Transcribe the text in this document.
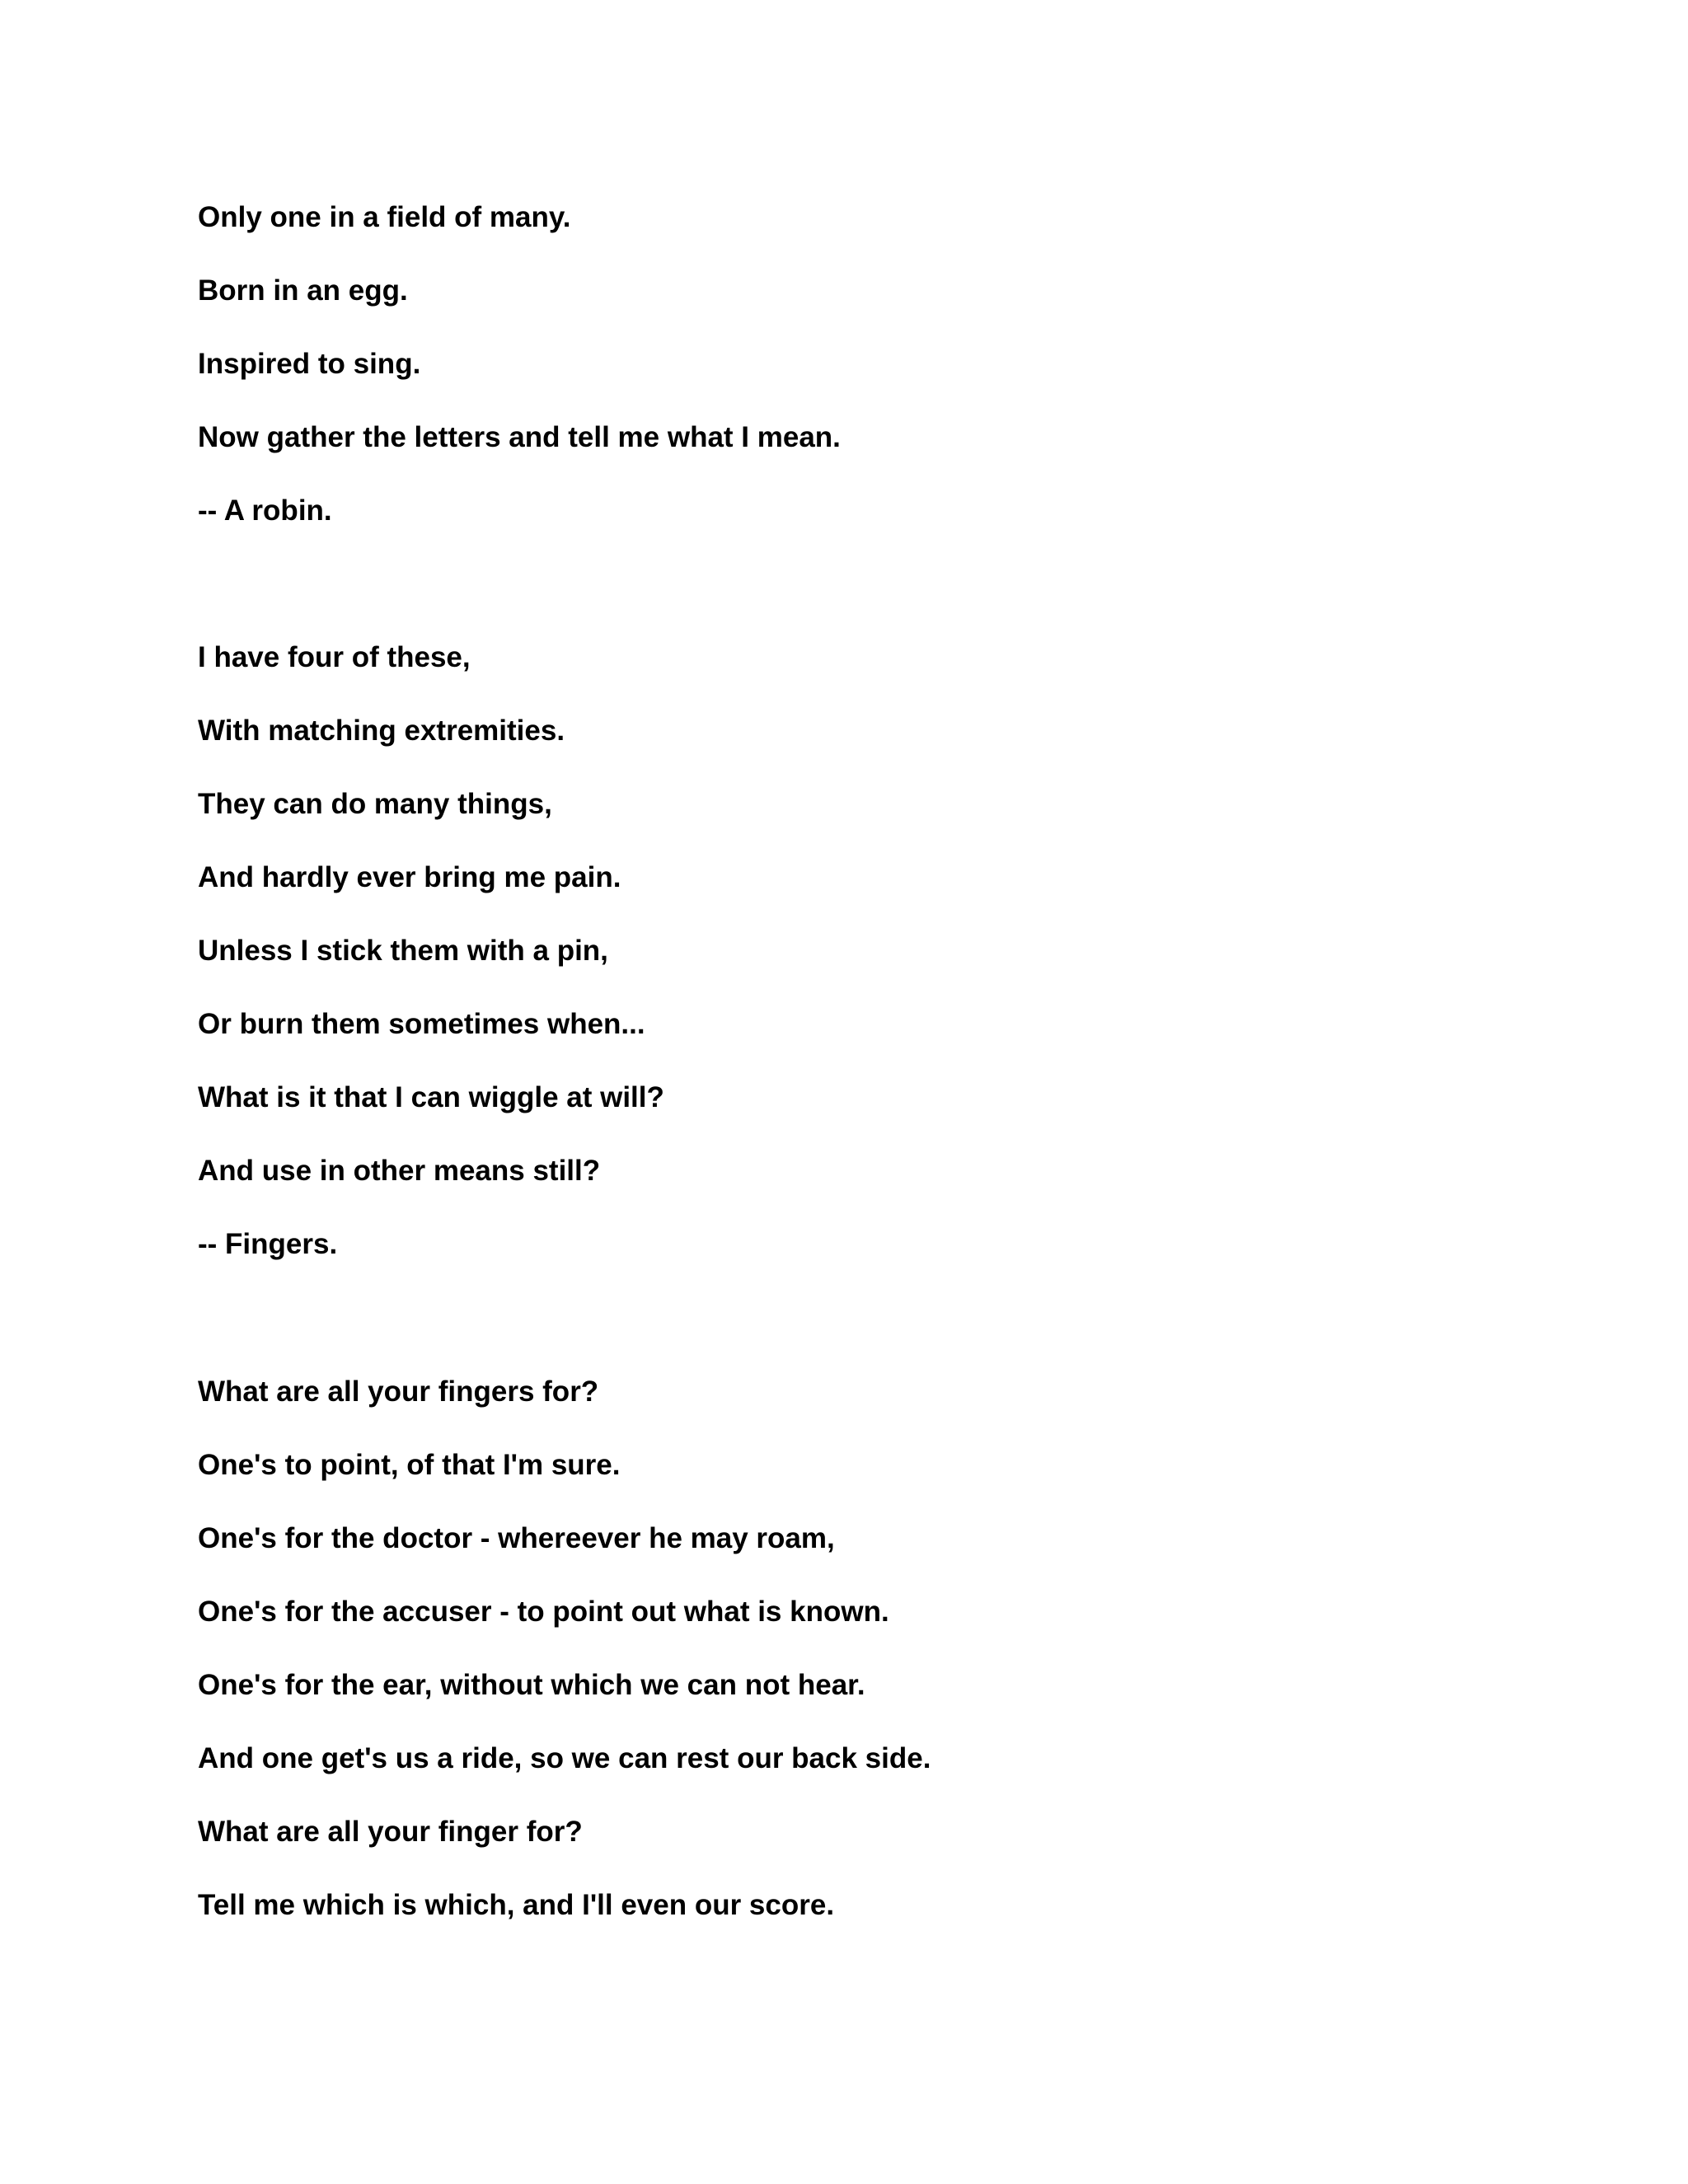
Only one in a field of many.

Born in an egg.

Inspired to sing.

Now gather the letters and tell me what I mean.

-- A robin.

I have four of these,

With matching extremities.

They can do many things,

And hardly ever bring me pain.

Unless I stick them with a pin,

Or burn them sometimes when...

What is it that I can wiggle at will?

And use in other means still?

-- Fingers.

What are all your fingers for?

One's to point, of that I'm sure.

One's for the doctor - whereever he may roam,

One's for the accuser - to point out what is known.

One's for the ear, without which we can not hear.

And one get's us a ride, so we can rest our back side.

What are all your finger for?

Tell me which is which, and I'll even our score.
